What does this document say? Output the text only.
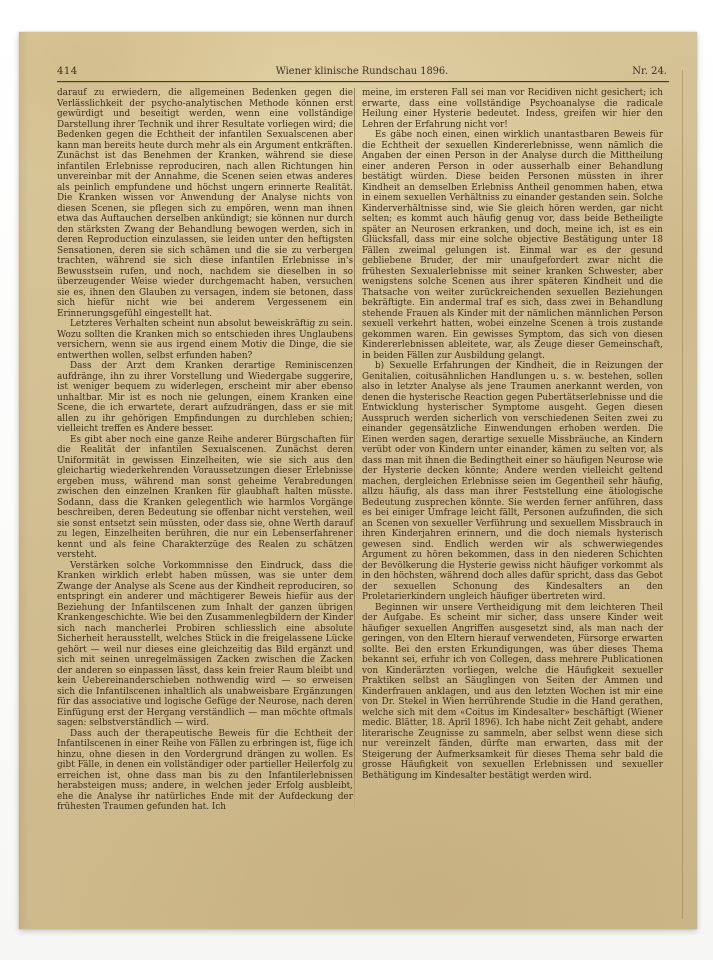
414	Wiener klinische Rundschau 1896.	Nr. 24.

darauf zu erwiedern, die allgemeinen Bedenken gegen die Verlässlichkeit der psycho-analytischen Methode können erst gewürdigt und beseitigt werden, wenn eine vollständige Darstellung ihrer Technik und ihrer Resultate vorliegen wird; die Bedenken gegen die Echtheit der infantilen Sexualscenen aber kann man bereits heute durch mehr als ein Argument entkräften. Zunächst ist das Benehmen der Kranken, während sie diese infantilen Erlebnisse reproduciren, nach allen Richtungen hin unvereinbar mit der Annahme, die Scenen seien etwas anderes als peinlich empfundene und höchst ungern erinnerte Realität. Die Kranken wissen vor Anwendung der Analyse nichts von diesen Scenen, sie pflegen sich zu empören, wenn man ihnen etwa das Auftauchen derselben ankündigt; sie können nur durch den stärksten Zwang der Behandlung bewogen werden, sich in deren Reproduction einzulassen, sie leiden unter den heftigsten Sensationen, deren sie sich schämen und die sie zu verbergen trachten, während sie sich diese infantilen Erlebnisse in's Bewusstsein rufen, und noch, nachdem sie dieselben in so überzeugender Weise wieder durchgemacht haben, versuchen sie es, ihnen den Glauben zu versagen, indem sie betonen, dass sich hiefür nicht wie bei anderem Vergessenem ein Erinnerungsgefühl eingestellt hat.

Letzteres Verhalten scheint nun absolut beweiskräftig zu sein. Wozu sollten die Kranken mich so entschieden ihres Unglaubens versichern, wenn sie aus irgend einem Motiv die Dinge, die sie entwerthen wollen, selbst erfunden haben?

Dass der Arzt dem Kranken derartige Reminiscenzen aufdränge, ihn zu ihrer Vorstellung und Wiedergabe suggerire, ist weniger bequem zu widerlegen, erscheint mir aber ebenso unhaltbar. Mir ist es noch nie gelungen, einem Kranken eine Scene, die ich erwartete, derart aufzudrängen, dass er sie mit allen zu ihr gehörigen Empfindungen zu durchleben schien; vielleicht treffen es Andere besser.

Es gibt aber noch eine ganze Reihe anderer Bürgschaften für die Realität der infantilen Sexualscenen. Zunächst deren Uniformität in gewissen Einzelheiten, wie sie sich aus den gleichartig wiederkehrenden Voraussetzungen dieser Erlebnisse ergeben muss, während man sonst geheime Verabredungen zwischen den einzelnen Kranken für glaubhaft halten müsste. Sodann, dass die Kranken gelegentlich wie harmlos Vorgänge beschreiben, deren Bedeutung sie offenbar nicht verstehen, weil sie sonst entsetzt sein müssten, oder dass sie, ohne Werth darauf zu legen, Einzelheiten berühren, die nur ein Lebenserfahrener kennt und als feine Charakterzüge des Realen zu schätzen versteht.

Verstärken solche Vorkommnisse den Eindruck, dass die Kranken wirklich erlebt haben müssen, was sie unter dem Zwange der Analyse als Scene aus der Kindheit reproduciren, so entspringt ein anderer und mächtigerer Beweis hiefür aus der Beziehung der Infantilscenen zum Inhalt der ganzen übrigen Krankengeschichte. Wie bei den Zusammenlegbildern der Kinder sich nach mancherlei Probiren schliesslich eine absolute Sicherheit herausstellt, welches Stück in die freigelassene Lücke gehört — weil nur dieses eine gleichzeitig das Bild ergänzt und sich mit seinen unregelmässigen Zacken zwischen die Zacken der anderen so einpassen lässt, dass kein freier Raum bleibt und kein Uebereinanderschieben nothwendig wird — so erweisen sich die Infantilscenen inhaltlich als unabweisbare Ergänzungen für das associative und logische Gefüge der Neurose, nach deren Einfügung erst der Hergang verständlich — man möchte oftmals sagen: selbstverständlich — wird.

Dass auch der therapeutische Beweis für die Echtheit der Infantilscenen in einer Reihe von Fällen zu erbringen ist, füge ich hinzu, ohne diesen in den Vordergrund drängen zu wollen. Es gibt Fälle, in denen ein vollständiger oder partieller Heilerfolg zu erreichen ist, ohne dass man bis zu den Infantilerlebnissen herabsteigen muss; andere, in welchen jeder Erfolg ausbleibt, ehe die Analyse ihr natürliches Ende mit der Aufdeckung der frühesten Traumen gefunden hat. Ich

meine, im ersteren Fall sei man vor Recidiven nicht gesichert; ich erwarte, dass eine vollständige Psychoanalyse die radicale Heilung einer Hysterie bedeutet. Indess, greifen wir hier den Lehren der Erfahrung nicht vor!

Es gäbe noch einen, einen wirklich unantastbaren Beweis für die Echtheit der sexuellen Kindererlebnisse, wenn nämlich die Angaben der einen Person in der Analyse durch die Mittheilung einer anderen Person in oder ausserhalb einer Behandlung bestätigt würden. Diese beiden Personen müssten in ihrer Kindheit an demselben Erlebniss Antheil genommen haben, etwa in einem sexuellen Verhältniss zu einander gestanden sein. Solche Kinderverhältnisse sind, wie Sie gleich hören werden, gar nicht selten; es kommt auch häufig genug vor, dass beide Betheiligte später an Neurosen erkranken, und doch, meine ich, ist es ein Glücksfall, dass mir eine solche objective Bestätigung unter 18 Fällen zweimal gelungen ist. Einmal war es der gesund gebliebene Bruder, der mir unaufgefordert zwar nicht die frühesten Sexualerlebnisse mit seiner kranken Schwester, aber wenigstens solche Scenen aus ihrer späteren Kindheit und die Thatsache von weiter zurückreichenden sexuellen Beziehungen bekräftigte. Ein andermal traf es sich, dass zwei in Behandlung stehende Frauen als Kinder mit der nämlichen männlichen Person sexuell verkehrt hatten, wobei einzelne Scenen à trois zustande gekommen waren. Ein gewisses Symptom, das sich von diesen Kindererlebnissen ableitete, war, als Zeuge dieser Gemeinschaft, in beiden Fällen zur Ausbildung gelangt.

b) Sexuelle Erfahrungen der Kindheit, die in Reizungen der Genitalien, coitusähnlichen Handlungen u. s. w. bestehen, sollen also in letzter Analyse als jene Traumen anerkannt werden, von denen die hysterische Reaction gegen Pubertätserlebnisse und die Entwicklung hysterischer Symptome ausgeht. Gegen diesen Ausspruch werden sicherlich von verschiedenen Seiten zwei zu einander gegensätzliche Einwendungen erhoben werden. Die Einen werden sagen, derartige sexuelle Missbräuche, an Kindern verübt oder von Kindern unter einander, kämen zu selten vor, als dass man mit ihnen die Bedingtheit einer so häufigen Neurose wie der Hysterie decken könnte; Andere werden vielleicht geltend machen, dergleichen Erlebnisse seien im Gegentheil sehr häufig, allzu häufig, als dass man ihrer Feststellung eine ätiologische Bedeutung zusprechen könnte. Sie werden ferner anführen, dass es bei einiger Umfrage leicht fällt, Personen aufzufinden, die sich an Scenen von sexueller Verführung und sexuellem Missbrauch in ihren Kinderjahren erinnern, und die doch niemals hysterisch gewesen sind. Endlich werden wir als schwerwiegendes Argument zu hören bekommen, dass in den niederen Schichten der Bevölkerung die Hysterie gewiss nicht häufiger vorkommt als in den höchsten, während doch alles dafür spricht, dass das Gebot der sexuellen Schonung des Kindesalters an den Proletarierkindern ungleich häufiger übertreten wird.

Beginnen wir unsere Vertheidigung mit dem leichteren Theil der Aufgabe. Es scheint mir sicher, dass unsere Kinder weit häufiger sexuellen Angriffen ausgesetzt sind, als man nach der geringen, von den Eltern hierauf verwendeten, Fürsorge erwarten sollte. Bei den ersten Erkundigungen, was über dieses Thema bekannt sei, erfuhr ich von Collegen, dass mehrere Publicationen von Kinderärzten vorliegen, welche die Häufigkeit sexueller Praktiken selbst an Säuglingen von Seiten der Ammen und Kinderfrauen anklagen, und aus den letzten Wochen ist mir eine von Dr. Stekel in Wien herrührende Studie in die Hand gerathen, welche sich mit dem «Coitus im Kindesalter» beschäftigt (Wiener medic. Blätter, 18. April 1896). Ich habe nicht Zeit gehabt, andere literarische Zeugnisse zu sammeln, aber selbst wenn diese sich nur vereinzelt fänden, dürfte man erwarten, dass mit der Steigerung der Aufmerksamkeit für dieses Thema sehr bald die grosse Häufigkeit von sexuellen Erlebnissen und sexueller Bethätigung im Kindesalter bestätigt werden wird.
